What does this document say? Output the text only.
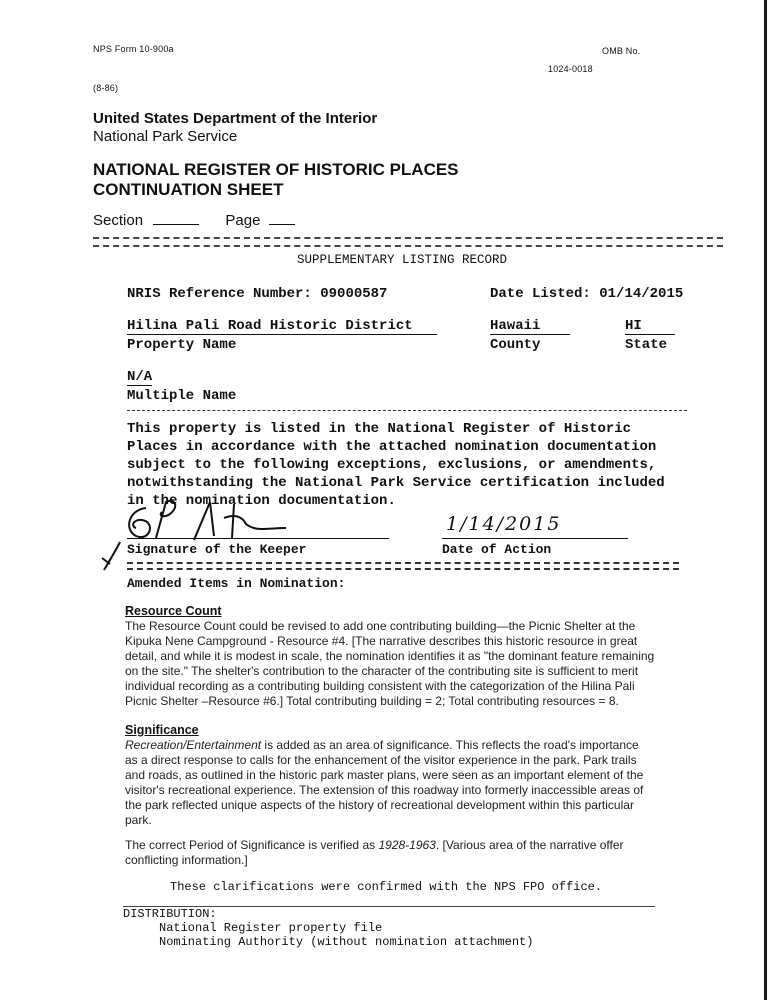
NPS Form 10-900a	OMB No.
1024-0018
(8-86)
United States Department of the Interior
National Park Service
NATIONAL REGISTER OF HISTORIC PLACES
CONTINUATION SHEET
Section	Page
SUPPLEMENTARY LISTING RECORD
NRIS Reference Number: 09000587	Date Listed: 01/14/2015
Hilina Pali Road Historic District
Property Name
Hawaii
County
HI
State
N/A
Multiple Name
This property is listed in the National Register of Historic
Places in accordance with the attached nomination documentation
subject to the following exceptions, exclusions, or amendments,
notwithstanding the National Park Service certification included
in the nomination documentation.
Signature of the Keeper
1/14/2015
Date of Action
Amended Items in Nomination:
Resource Count
The Resource Count could be revised to add one contributing building—the Picnic Shelter at the
Kipuka Nene Campground - Resource #4. [The narrative describes this historic resource in great
detail, and while it is modest in scale, the nomination identifies it as "the dominant feature remaining
on the site." The shelter's contribution to the character of the contributing site is sufficient to merit
individual recording as a contributing building consistent with the categorization of the Hilina Pali
Picnic Shelter –Resource #6.] Total contributing building = 2; Total contributing resources = 8.
Significance
Recreation/Entertainment is added as an area of significance. This reflects the road's importance
as a direct response to calls for the enhancement of the visitor experience in the park. Park trails
and roads, as outlined in the historic park master plans, were seen as an important element of the
visitor's recreational experience. The extension of this roadway into formerly inaccessible areas of
the park reflected unique aspects of the history of recreational development within this particular
park.
The correct Period of Significance is verified as 1928-1963. [Various area of the narrative offer
conflicting information.]
These clarifications were confirmed with the NPS FPO office.
DISTRIBUTION:
National Register property file
Nominating Authority (without nomination attachment)
